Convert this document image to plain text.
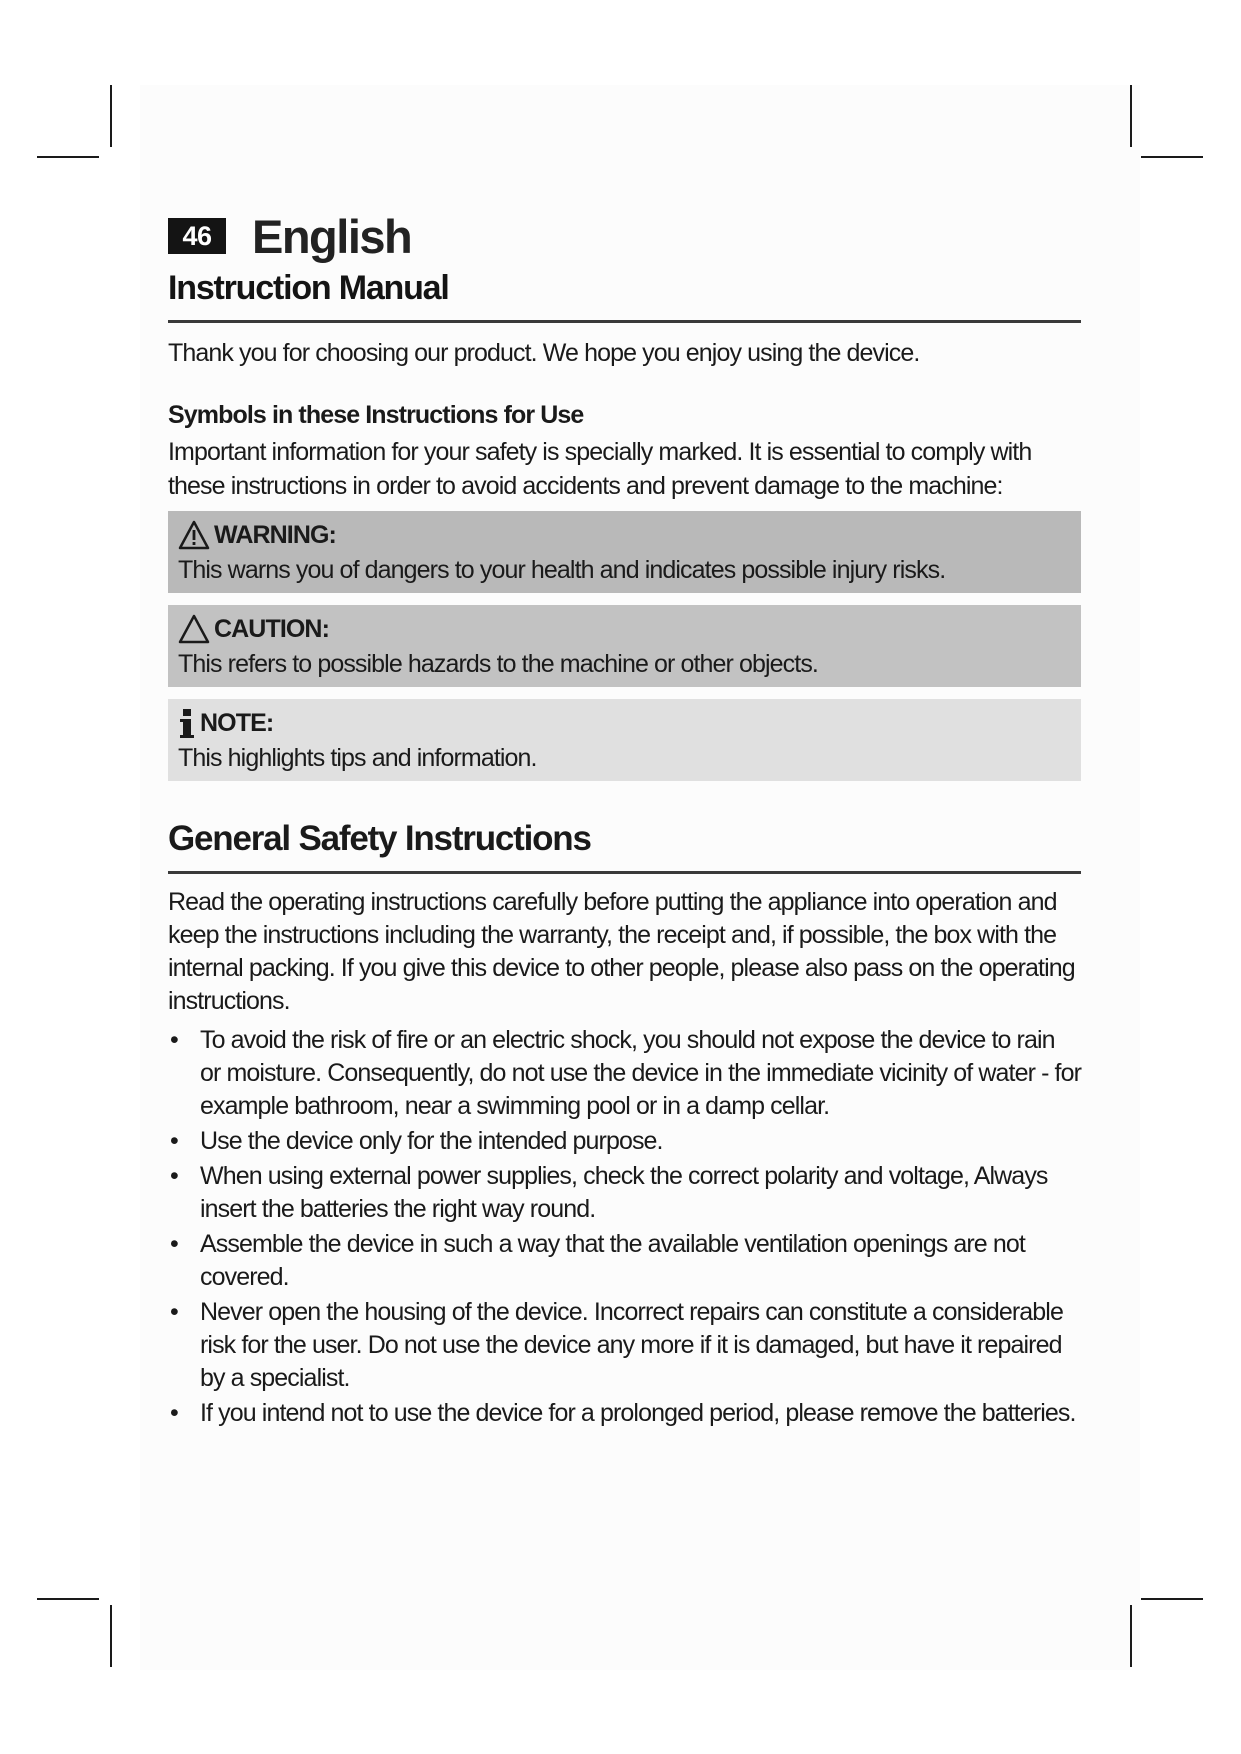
46 English
Instruction Manual
Thank you for choosing our product. We hope you enjoy using the device.
Symbols in these Instructions for Use
Important information for your safety is specially marked. It is essential to comply with these instructions in order to avoid accidents and prevent damage to the machine:
WARNING:
This warns you of dangers to your health and indicates possible injury risks.
CAUTION:
This refers to possible hazards to the machine or other objects.
NOTE:
This highlights tips and information.
General Safety Instructions
Read the operating instructions carefully before putting the appliance into operation and keep the instructions including the warranty, the receipt and, if possible, the box with the internal packing. If you give this device to other people, please also pass on the operating instructions.
• To avoid the risk of fire or an electric shock, you should not expose the device to rain or moisture. Consequently, do not use the device in the immediate vicinity of water - for example bathroom, near a swimming pool or in a damp cellar.
• Use the device only for the intended purpose.
• When using external power supplies, check the correct polarity and voltage, Always insert the batteries the right way round.
• Assemble the device in such a way that the available ventilation openings are not covered.
• Never open the housing of the device. Incorrect repairs can constitute a considerable risk for the user. Do not use the device any more if it is damaged, but have it repaired by a specialist.
• If you intend not to use the device for a prolonged period, please remove the batteries.
